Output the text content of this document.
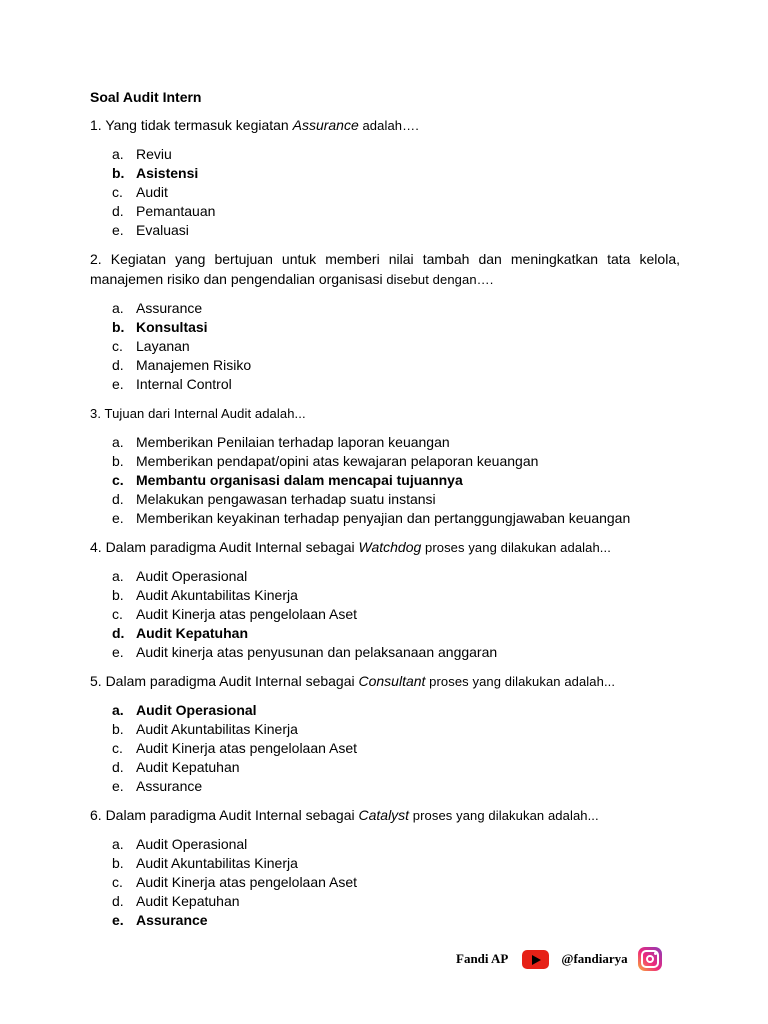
Soal Audit Intern
1. Yang tidak termasuk kegiatan Assurance adalah….
a. Reviu
b. Asistensi
c. Audit
d. Pemantauan
e. Evaluasi
2. Kegiatan yang bertujuan untuk memberi nilai tambah dan meningkatkan tata kelola, manajemen risiko dan pengendalian organisasi disebut dengan….
a. Assurance
b. Konsultasi
c. Layanan
d. Manajemen Risiko
e. Internal Control
3. Tujuan dari Internal Audit adalah...
a. Memberikan Penilaian terhadap laporan keuangan
b. Memberikan pendapat/opini atas kewajaran pelaporan keuangan
c. Membantu organisasi dalam mencapai tujuannya
d. Melakukan pengawasan terhadap suatu instansi
e. Memberikan keyakinan terhadap penyajian dan pertanggungjawaban keuangan
4. Dalam paradigma Audit Internal sebagai Watchdog proses yang dilakukan adalah...
a. Audit Operasional
b. Audit Akuntabilitas Kinerja
c. Audit Kinerja atas pengelolaan Aset
d. Audit Kepatuhan
e. Audit kinerja atas penyusunan dan pelaksanaan anggaran
5. Dalam paradigma Audit Internal sebagai Consultant proses yang dilakukan adalah...
a. Audit Operasional
b. Audit Akuntabilitas Kinerja
c. Audit Kinerja atas pengelolaan Aset
d. Audit Kepatuhan
e. Assurance
6. Dalam paradigma Audit Internal sebagai Catalyst proses yang dilakukan adalah...
a. Audit Operasional
b. Audit Akuntabilitas Kinerja
c. Audit Kinerja atas pengelolaan Aset
d. Audit Kepatuhan
e. Assurance
Fandi AP	@fandiarya
